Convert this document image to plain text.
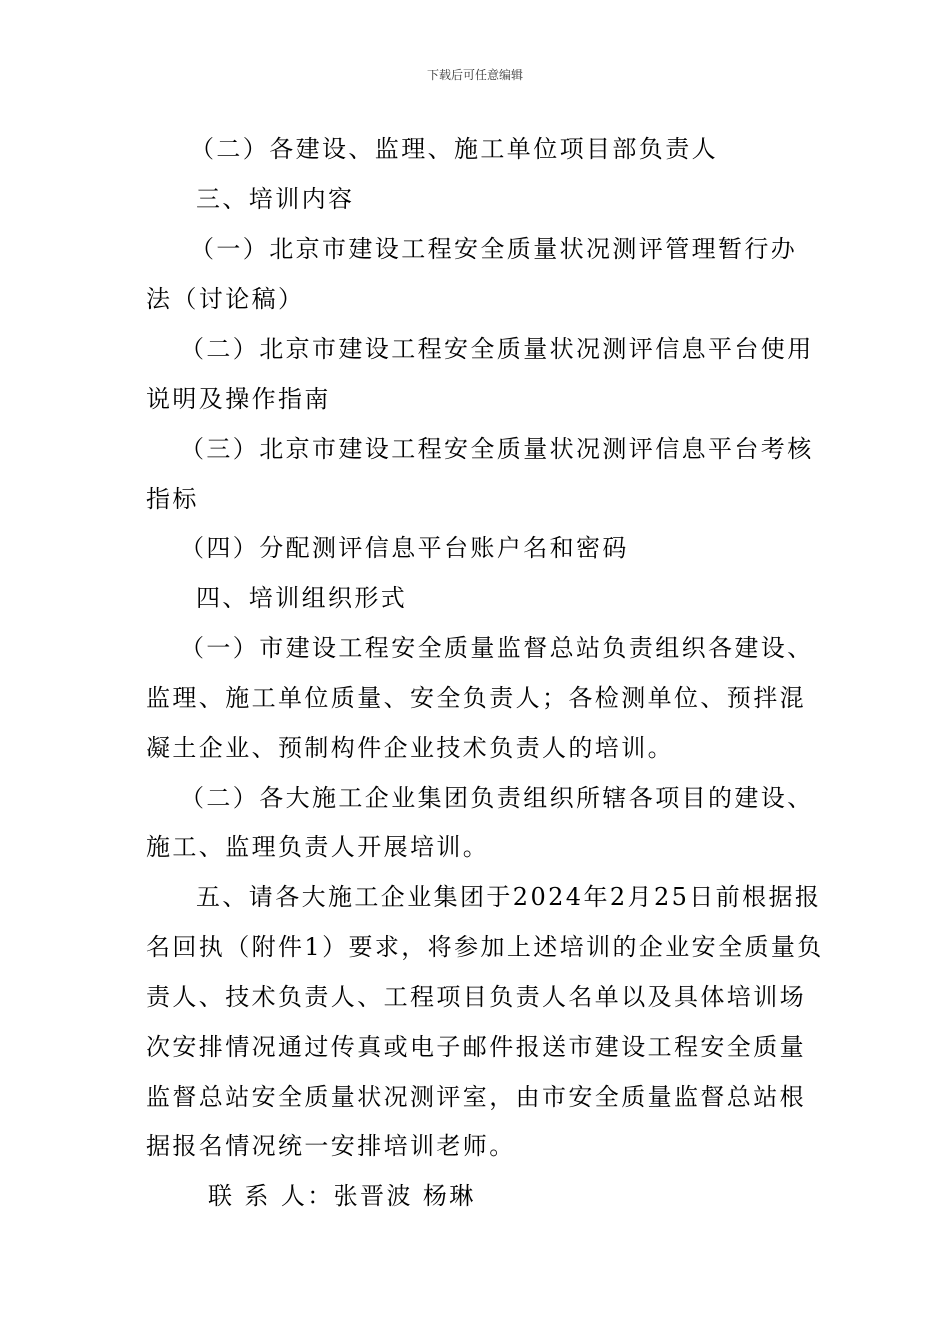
下载后可任意编辑
（二）各建设、监理、施工单位项目部负责人
三、培训内容
（一）北京市建设工程安全质量状况测评管理暂行办
法（讨论稿）
（二）北京市建设工程安全质量状况测评信息平台使用
说明及操作指南
（三）北京市建设工程安全质量状况测评信息平台考核
指标
（四）分配测评信息平台账户名和密码
四、培训组织形式
（一）市建设工程安全质量监督总站负责组织各建设、
监理、施工单位质量、安全负责人；各检测单位、预拌混
凝土企业、预制构件企业技术负责人的培训。
（二）各大施工企业集团负责组织所辖各项目的建设、
施工、监理负责人开展培训。
五、请各大施工企业集团于2024年2月25日前根据报
名回执（附件1）要求，将参加上述培训的企业安全质量负
责人、技术负责人、工程项目负责人名单以及具体培训场
次安排情况通过传真或电子邮件报送市建设工程安全质量
监督总站安全质量状况测评室，由市安全质量监督总站根
据报名情况统一安排培训老师。
联 系 人：张晋波 杨琳
